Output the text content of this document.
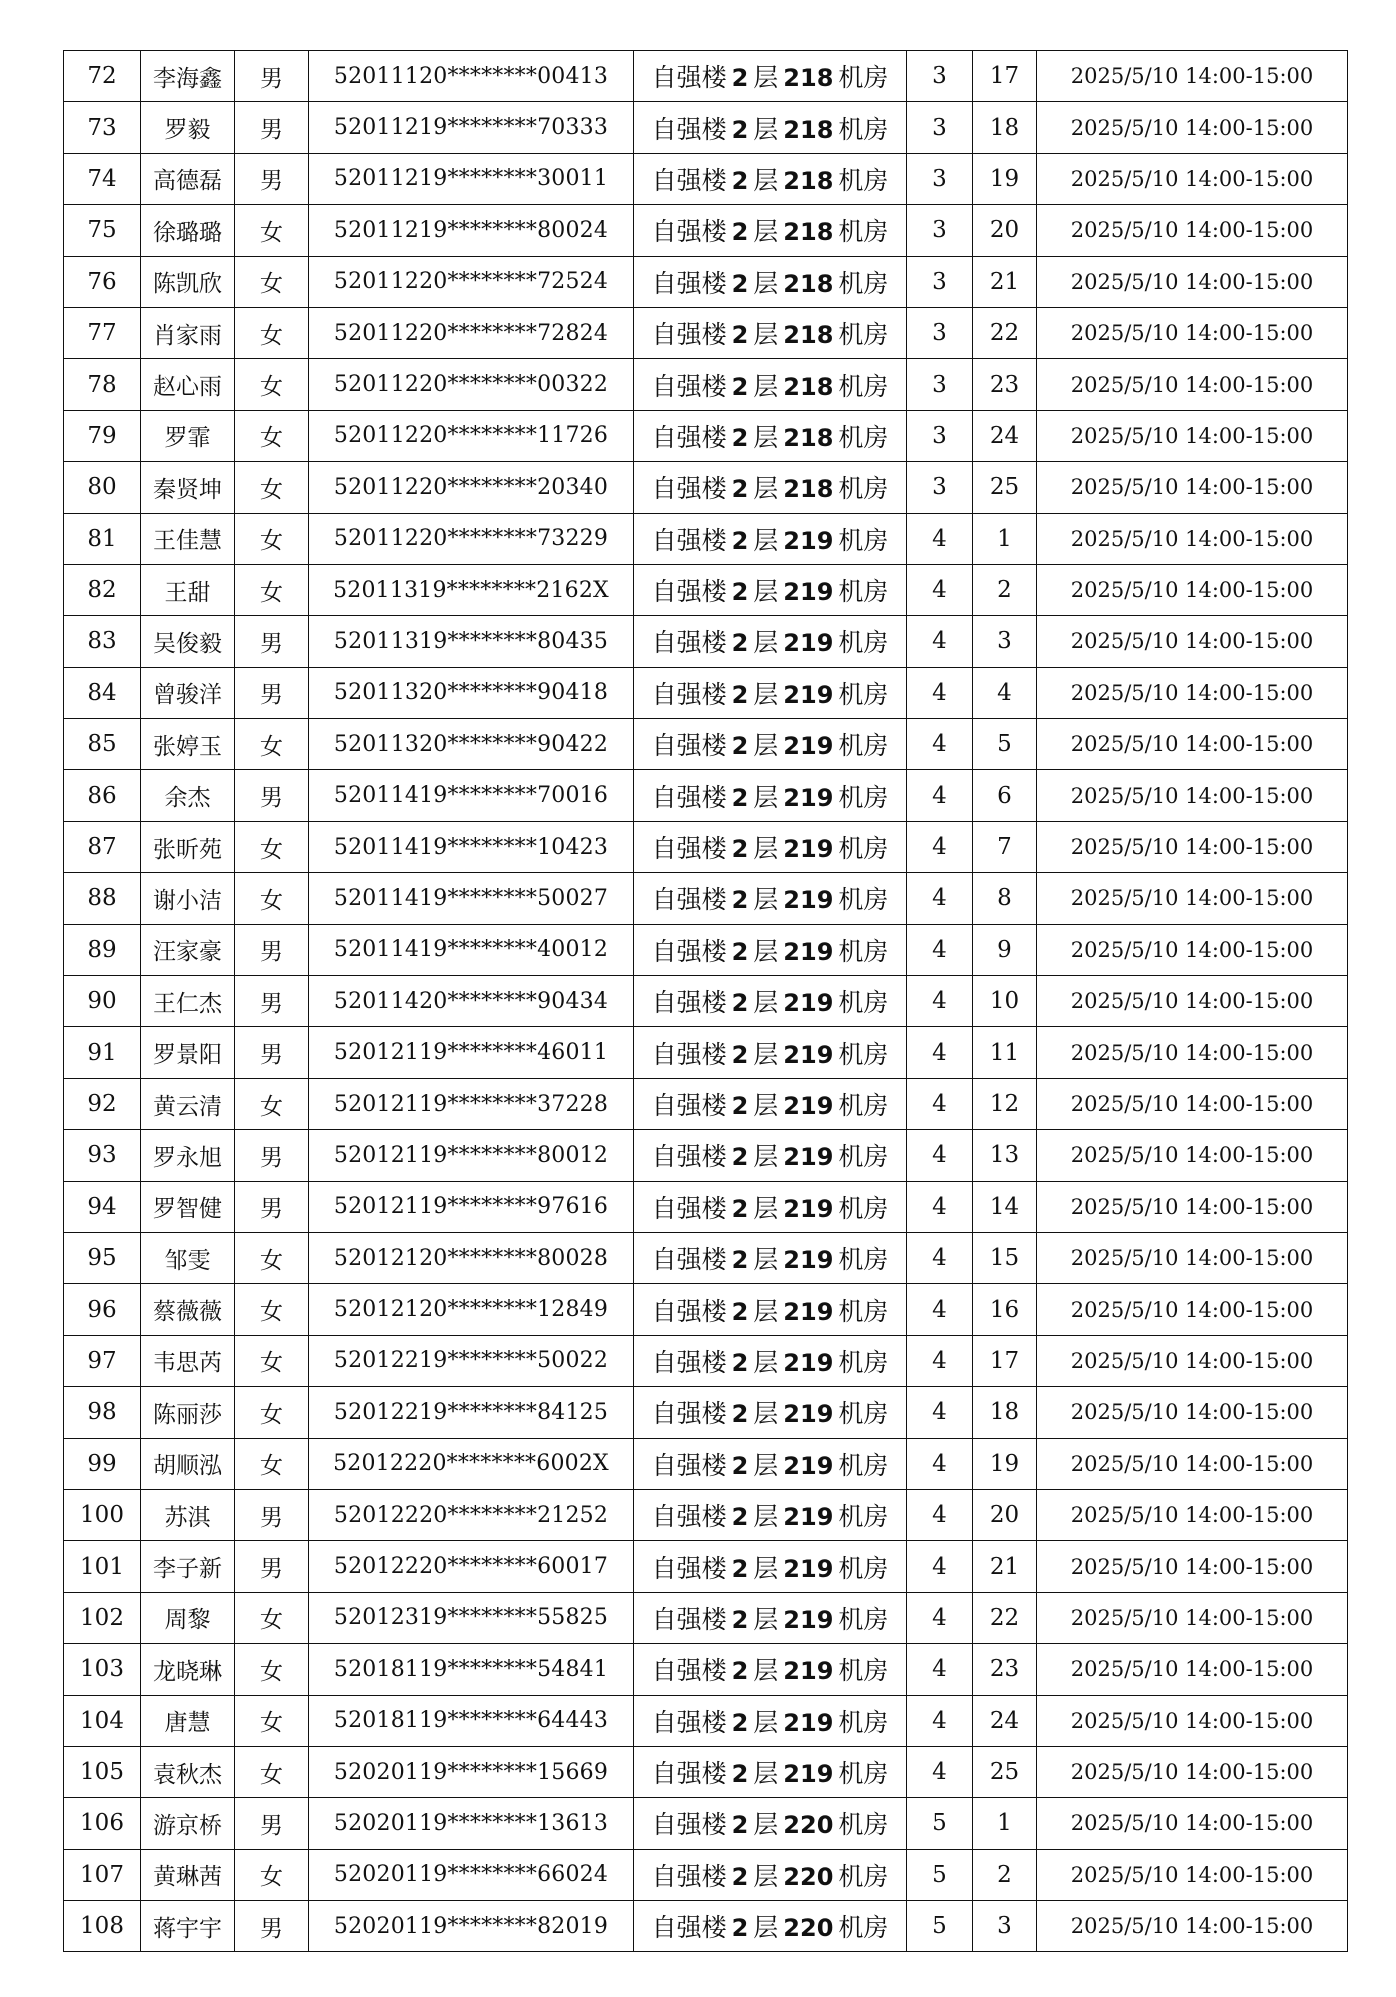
72	李海鑫	男	52011120********00413	自强楼  2  层  218  机房	3	17	2025/5/10 14:00-15:00
73	罗毅	男	52011219********70333	自强楼  2  层  218  机房	3	18	2025/5/10 14:00-15:00
74	高德磊	男	52011219********30011	自强楼  2  层  218  机房	3	19	2025/5/10 14:00-15:00
75	徐璐璐	女	52011219********80024	自强楼  2  层  218  机房	3	20	2025/5/10 14:00-15:00
76	陈凯欣	女	52011220********72524	自强楼  2  层  218  机房	3	21	2025/5/10 14:00-15:00
77	肖家雨	女	52011220********72824	自强楼  2  层  218  机房	3	22	2025/5/10 14:00-15:00
78	赵心雨	女	52011220********00322	自强楼  2  层  218  机房	3	23	2025/5/10 14:00-15:00
79	罗霏	女	52011220********11726	自强楼  2  层  218  机房	3	24	2025/5/10 14:00-15:00
80	秦贤坤	女	52011220********20340	自强楼  2  层  218  机房	3	25	2025/5/10 14:00-15:00
81	王佳慧	女	52011220********73229	自强楼  2  层  219  机房	4	1	2025/5/10 14:00-15:00
82	王甜	女	52011319********2162X	自强楼  2  层  219  机房	4	2	2025/5/10 14:00-15:00
83	吴俊毅	男	52011319********80435	自强楼  2  层  219  机房	4	3	2025/5/10 14:00-15:00
84	曾骏洋	男	52011320********90418	自强楼  2  层  219  机房	4	4	2025/5/10 14:00-15:00
85	张婷玉	女	52011320********90422	自强楼  2  层  219  机房	4	5	2025/5/10 14:00-15:00
86	余杰	男	52011419********70016	自强楼  2  层  219  机房	4	6	2025/5/10 14:00-15:00
87	张昕苑	女	52011419********10423	自强楼  2  层  219  机房	4	7	2025/5/10 14:00-15:00
88	谢小洁	女	52011419********50027	自强楼  2  层  219  机房	4	8	2025/5/10 14:00-15:00
89	汪家豪	男	52011419********40012	自强楼  2  层  219  机房	4	9	2025/5/10 14:00-15:00
90	王仁杰	男	52011420********90434	自强楼  2  层  219  机房	4	10	2025/5/10 14:00-15:00
91	罗景阳	男	52012119********46011	自强楼  2  层  219  机房	4	11	2025/5/10 14:00-15:00
92	黄云清	女	52012119********37228	自强楼  2  层  219  机房	4	12	2025/5/10 14:00-15:00
93	罗永旭	男	52012119********80012	自强楼  2  层  219  机房	4	13	2025/5/10 14:00-15:00
94	罗智健	男	52012119********97616	自强楼  2  层  219  机房	4	14	2025/5/10 14:00-15:00
95	邹雯	女	52012120********80028	自强楼  2  层  219  机房	4	15	2025/5/10 14:00-15:00
96	蔡薇薇	女	52012120********12849	自强楼  2  层  219  机房	4	16	2025/5/10 14:00-15:00
97	韦思芮	女	52012219********50022	自强楼  2  层  219  机房	4	17	2025/5/10 14:00-15:00
98	陈丽莎	女	52012219********84125	自强楼  2  层  219  机房	4	18	2025/5/10 14:00-15:00
99	胡顺泓	女	52012220********6002X	自强楼  2  层  219  机房	4	19	2025/5/10 14:00-15:00
100	苏淇	男	52012220********21252	自强楼  2  层  219  机房	4	20	2025/5/10 14:00-15:00
101	李子新	男	52012220********60017	自强楼  2  层  219  机房	4	21	2025/5/10 14:00-15:00
102	周黎	女	52012319********55825	自强楼  2  层  219  机房	4	22	2025/5/10 14:00-15:00
103	龙晓琳	女	52018119********54841	自强楼  2  层  219  机房	4	23	2025/5/10 14:00-15:00
104	唐慧	女	52018119********64443	自强楼  2  层  219  机房	4	24	2025/5/10 14:00-15:00
105	袁秋杰	女	52020119********15669	自强楼  2  层  219  机房	4	25	2025/5/10 14:00-15:00
106	游京桥	男	52020119********13613	自强楼  2  层  220  机房	5	1	2025/5/10 14:00-15:00
107	黄琳茜	女	52020119********66024	自强楼  2  层  220  机房	5	2	2025/5/10 14:00-15:00
108	蒋宇宇	男	52020119********82019	自强楼  2  层  220  机房	5	3	2025/5/10 14:00-15:00
